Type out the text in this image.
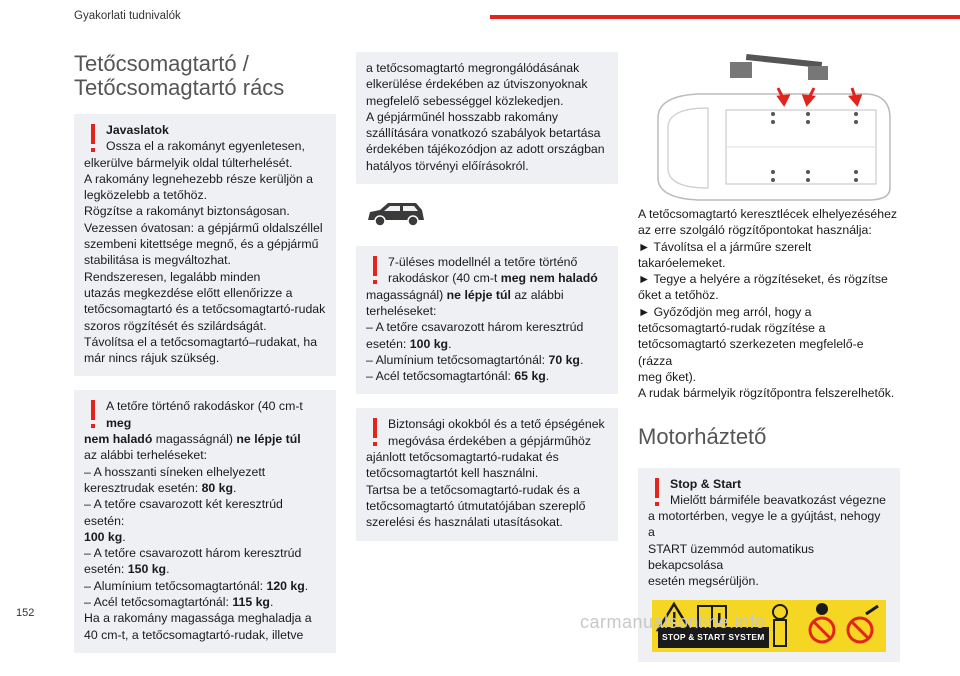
Gyakorlati tudnivalók
Tetőcsomagtartó /
Tetőcsomagtartó rács

Javaslatok

Ossza el a rakományt egyenletesen,

elkerülve bármelyik oldal túlterhelését.

A rakomány legnehezebb része kerüljön a

legközelebb a tetőhöz.

Rögzítse a rakományt biztonságosan.

Vezessen óvatosan: a gépjármű oldalszéllel

szembeni kitettsége megnő, és a gépjármű

stabilitása is megváltozhat.

Rendszeresen, legalább minden

utazás megkezdése előtt ellenőrizze a

tetőcsomagtartó és a tetőcsomagtartó-rudak

szoros rögzítését és szilárdságát.

Távolítsa el a tetőcsomagtartó–rudakat, ha

már nincs rájuk szükség.

A tetőre történő rakodáskor (40 cm-t meg

nem haladó magasságnál) ne lépje túl

az alábbi terheléseket:

– A hosszanti síneken elhelyezett

keresztrudak esetén: 80 kg.

– A tetőre csavarozott két keresztrúd esetén:

100 kg.

– A tetőre csavarozott három keresztrúd

esetén: 150 kg.

– Alumínium tetőcsomagtartónál: 120 kg.

– Acél tetőcsomagtartónál: 115 kg.

Ha a rakomány magassága meghaladja a

40 cm-t, a tetőcsomagtartó-rudak, illetve

a tetőcsomagtartó megrongálódásának

elkerülése érdekében az útviszonyoknak

megfelelő sebességgel közlekedjen.

A gépjárműnél hosszabb rakomány

szállítására vonatkozó szabályok betartása

érdekében tájékozódjon az adott országban

hatályos törvényi előírásokról.

7-üléses modellnél a tetőre történő

rakodáskor (40 cm-t meg nem haladó

magasságnál) ne lépje túl az alábbi

terheléseket:

– A tetőre csavarozott három keresztrúd

esetén: 100 kg.

– Alumínium tetőcsomagtartónál: 70 kg.

– Acél tetőcsomagtartónál: 65 kg.

Biztonsági okokból és a tető épségének

megóvása érdekében a gépjárműhöz

ajánlott tetőcsomagtartó-rudakat és

tetőcsomagtartót kell használni.

Tartsa be a tetőcsomagtartó-rudak és a

tetőcsomagtartó útmutatójában szereplő

szerelési és használati utasításokat.

A tetőcsomagtartó keresztlécek elhelyezéséhez

az erre szolgáló rögzítőpontokat használja:

► Távolítsa el a járműre szerelt takaróelemeket.

► Tegye a helyére a rögzítéseket, és rögzítse

őket a tetőhöz.

► Győződjön meg arról, hogy a

tetőcsomagtartó-rudak rögzítése a

tetőcsomagtartó szerkezeten megfelelő-e (rázza

meg őket).

A rudak bármelyik rögzítőpontra felszerelhetők.

Motorháztető

Stop & Start

Mielőtt bármiféle beavatkozást végezne

a motortérben, vegye le a gyújtást, nehogy a

START üzemmód automatikus bekapcsolása

esetén megsérüljön.

STOP & START SYSTEM
152	carmanualsonline.info
